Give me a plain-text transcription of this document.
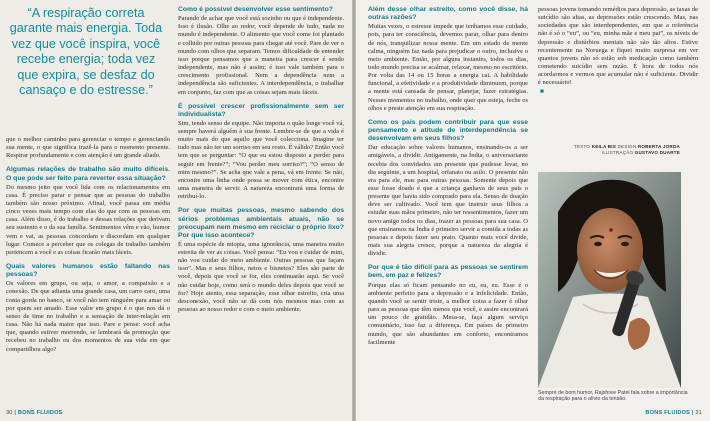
“A respiração correta garante mais energia. Toda vez que você inspira, você recebe energia; toda vez que expira, se desfaz do cansaço e do estresse.”

que o melhor caminho para gerenciar o tempo e gerenciando sua mente, o que significa trazê-la para o momento presente. Respirar profundamente e com atenção é um grande aliado.

Algumas relações de trabalho são muito difíceis. O que pode ser feito para reverter essa situação?

Do mesmo jeito que você lida com os relacionamentos em casa. É preciso parar e pensar que as pessoas do trabalho também são nosso próximo. Afinal, você passa em média cinco vezes mais tempo com elas do que com as pessoas em casa. Além disso, é do trabalho e dessas relações que derivam seu sustento e o da sua família. Sentimentos vêm e vão, humor vem e vai, as pessoas concordam e discordam em qualquer lugar. Comece a perceber que os colegas de trabalho também pertencem a você e as coisas ficarão mais fáceis.

Quais valores humanos estão faltando nas pessoas?

Os valores em grupo, ou seja, o amor, a compaixão e a conexão. De que adianta uma grande casa, um carro caro, uma conta gorda no banco, se você não tem ninguém para amar ou por quem ser amado. Esse valor em grupo é o que nos dá o senso de time no trabalho e a sensação de inter-relação em casa. Não há nada maior que isso. Pare e pense: você acha que, quando estiver morrendo, se lembrará da promoção que recebeu no trabalho ou dos momentos de sua vida em que compartilhou algo?

Como é possível desenvolver esse sentimento?

Parando de achar que você está sozinho ou que é independente. Isso é ilusão. Olhe ao redor, você depende de tudo, nada no mundo é independente. O alimento que você come foi plantado e colhido por outras pessoas para chegar até você. Pare de ver o mundo com olhos que separam. Temos dificuldade de entender isso porque pensamos que a maneira para crescer é sendo independente, mas não é assim; é isso vale também para o crescimento profissional. Nem a dependência nem a independência são suficientes. A interdependência, o trabalhar em conjunto, faz com que as coisas sejam mais fáceis.

É possível crescer profissionalmente sem ser individualista?

Sim, tendo senso de equipe. Não importa o quão longe você vá, sempre haverá alguém à sua frente. Lembre-se de que a vida é muito mais do que aquilo que você colecciona. Imagine ter tudo mas não ter um sorriso em seu rosto. É válido? Então você tem que se perguntar: “O que eu estou disposto a perder para seguir em frente?”; “Vou perder meu sorriso?”; “O senso de mim mesmo?”. Se acha que vale a pena, vá em frente. Se não, encontre uma linha onde possa se mover com ética, encontre uma maneira de servir. A natureza encontrará uma forma de retribuí-lo.

Por que muitas pessoas, mesmo sabendo dos sérios problemas ambientais atuais, não se preocupam nem mesmo em reciclar o próprio lixo? Por que isso acontece?

É uma espécie de miopia, uma ignorância, uma maneira muito estreita de ver as coisas. Você pensa: “Eu vou e cuidar de mim, não vou cuidar do meio ambiente. Outras pessoas que façam isso”. Mas e seus filhos, netos e bisnetos? Eles são parte de você, depois que você se for, eles continuarão aqui. Se você não cuidar hoje, como será o mundo deles depois que você se for? Hoje atento, essa separação, esse olhar estreito, cria uma desconexão, você não se dá com nós mesmos mas com as pessoas ao nosso redor e com o meio ambiente.

30 | BONS FLUIDOS
Além desse olhar estreito, como você disse, há outras razões?

Muitas vezes, o estresse impede que tenhamos esse cuidado, pois, para ter consciência, devemos parar, olhar para dentro de nós, tranquilizar nossa mente. Em um estado de mente calma, ninguém faz nada para prejudicar o outro, inclusive o meio ambiente. Então, por alguns instantes, todos os dias, todo mundo precisa se acalmar, relaxar, mesmo no escritório. Por volta das 14 ou 15 horas a energia cai. A habilidade funcional, a efetividade e a produtividade diminuem, porque a mente está cansada de pensar, planejar, fazer estratégias. Nesses momentos no trabalho, onde quer que esteja, feche os olhos e preste atenção em sua respiração.

Como os pais podem contribuir para que esse pensamento e atitude de interdependência se desenvolvam em seus filhos?

Dar educação sobre valores humanos, ensinando-os a ser amigáveis, a dividir. Antigamente, na Índia, o aniversariante recebia dos convidados um presente que pudesse levar, no dia seguinte, a um hospital, orfanato ou asilo. O presente não era para ele, mas para outras pessoas. Somente depois que esse fosse doado é que a criança ganhava de seus pais o presente que havia sido comprado para ela. Senso de doação deve ser cultivado. Você tem que instruir seus filhos a estudar suas mãos primeiro, não ter ressentimentos, fazer um novo amigo todos os dias, trazer as pessoas para sua casa. O que ensinamos na Índia é primeiro servir a comida a todas as pessoas e depois fazer seu prato. Quanto mais você divide, mais sua alegria cresce, porque a natureza da alegria é dividir.

Por que é tão difícil para as pessoas se sentirem bem, em paz e felizes?

Porque elas só ficam pensando no eu, eu, eu. Esse é o ambiente perfeito para a depressão e a infelicidade. Então, quando você se sentir triste, a melhor coisa a fazer é olhar para as pessoas que têm menos que você, e assim encontrará um pouco de gratidão. Mesa-se, faça algum serviço comunitário, isso faz a diferença. Em países de primeiro mundo, que são abundantes em conforto, encontramos facilmente

pessoas jovens tomando remédios para depressão, as taxas de suicídio são altas, as depressões estão crescendo. Mas, nas sociedades que são interdependentes, em que a referência não é só o “eu”, ou “eu, minha mãe e meu pai”, os níveis de depressão e distúrbios mentais não são tão altos. Estive recentemente na Noruega e fiquei muito surpresa em ver quantos jovens não só estão sob medicação como também cometendo suicídio sem razão. É hora de todos nós acordarmos e vermos que acumular não é suficiente. Dividir é necessário!

■
TEXTO KEILA BIS DESIGN ROBERTA JORDA
ILUSTRAÇÃO GUSTAVO DUARTE
Sempre de bom humor, Rajshree Patel fala sobre a importância da respiração para o alívio da tensão.
BONS FLUIDOS | 31
